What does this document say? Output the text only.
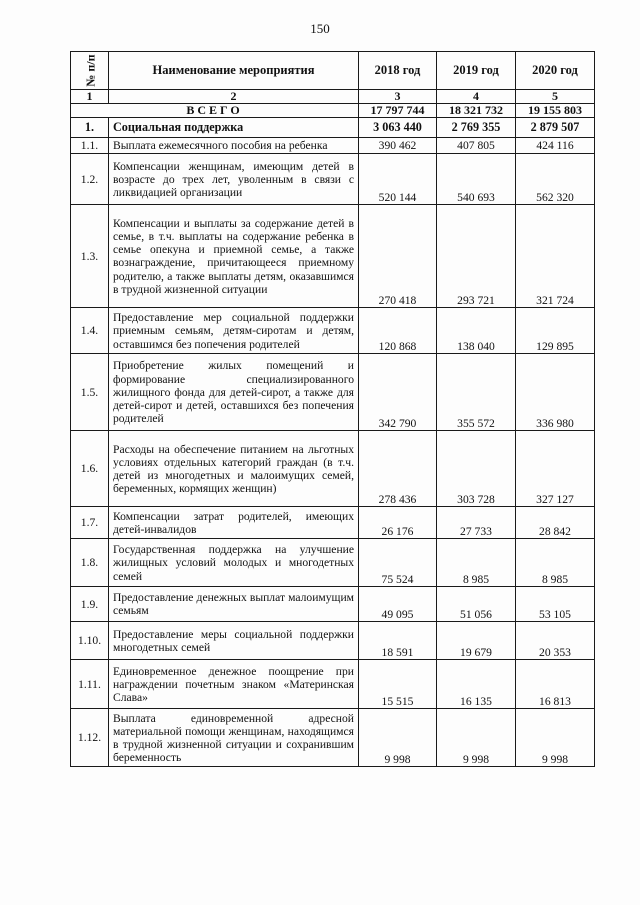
150
№ п/п	Наименование мероприятия	2018 год	2019 год	2020 год
1	2	3	4	5
ВСЕГО		17 797 744	18 321 732	19 155 803
1.	Социальная поддержка	3 063 440	2 769 355	2 879 507
1.1.	Выплата ежемесячного пособия на ребенка	390 462	407 805	424 116
1.2.	Компенсации женщинам, имеющим детей в возрасте до трех лет, уволенным в связи с ликвидацией организации	520 144	540 693	562 320
1.3.	Компенсации и выплаты за содержание детей в семье, в т.ч. выплаты на содержание ребенка в семье опекуна и приемной семье, а также вознаграждение, причитающееся приемному родителю, а также выплаты детям, оказавшимся в трудной жизненной ситуации	270 418	293 721	321 724
1.4.	Предоставление мер социальной поддержки приемным семьям, детям-сиротам и детям, оставшимся без попечения родителей	120 868	138 040	129 895
1.5.	Приобретение жилых помещений и формирование специализированного жилищного фонда для детей-сирот, а также для детей-сирот и детей, оставшихся без попечения родителей	342 790	355 572	336 980
1.6.	Расходы на обеспечение питанием на льготных условиях отдельных категорий граждан (в т.ч. детей из многодетных и малоимущих семей, беременных, кормящих женщин)	278 436	303 728	327 127
1.7.	Компенсации затрат родителей, имеющих детей-инвалидов	26 176	27 733	28 842
1.8.	Государственная поддержка на улучшение жилищных условий молодых и многодетных семей	75 524	8 985	8 985
1.9.	Предоставление денежных выплат малоимущим семьям	49 095	51 056	53 105
1.10.	Предоставление меры социальной поддержки многодетных семей	18 591	19 679	20 353
1.11.	Единовременное денежное поощрение при награждении почетным знаком «Материнская Слава»	15 515	16 135	16 813
1.12.	Выплата единовременной адресной материальной помощи женщинам, находящимся в трудной жизненной ситуации и сохранившим беременность	9 998	9 998	9 998
